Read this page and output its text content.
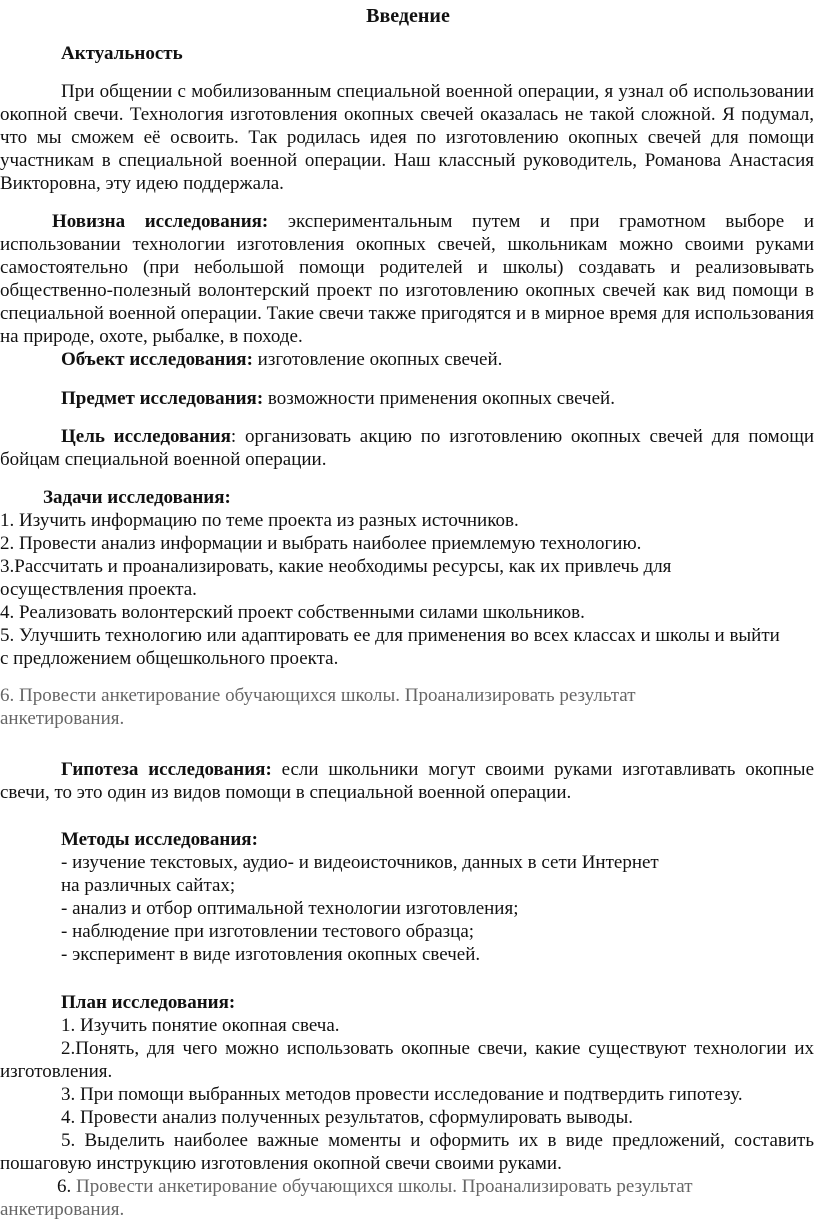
Введение

Актуальность

При общении с мобилизованным специальной военной операции, я узнал об использовании окопной свечи. Технология изготовления окопных свечей оказалась не такой сложной. Я подумал, что мы сможем её освоить. Так родилась идея по изготовлению окопных свечей для помощи участникам в специальной военной операции. Наш классный руководитель, Романова Анастасия Викторовна, эту идею поддержала.

Новизна исследования: экспериментальным путем и при грамотном выборе и использовании технологии изготовления окопных свечей, школьникам можно своими руками самостоятельно (при небольшой помощи родителей и школы) создавать и реализовывать общественно-полезный волонтерский проект по изготовлению окопных свечей как вид помощи в специальной военной операции. Такие свечи также пригодятся и в мирное время для использования на природе, охоте, рыбалке, в походе.

Объект исследования: изготовление окопных свечей.

Предмет исследования: возможности применения окопных свечей.

Цель исследования: организовать акцию по изготовлению окопных свечей для помощи бойцам специальной военной операции.

Задачи исследования:

1. Изучить информацию по теме проекта из разных источников.

2. Провести анализ информации и выбрать наиболее приемлемую технологию.

3.Рассчитать и проанализировать, какие необходимы ресурсы, как их привлечь для осуществления проекта.

4. Реализовать волонтерский проект собственными силами школьников.

5. Улучшить технологию или адаптировать ее для применения во всех классах и школы и выйти с предложением общешкольного проекта.

6. Провести анкетирование обучающихся школы. Проанализировать результат анкетирования.

Гипотеза исследования: если школьники могут своими руками изготавливать окопные свечи, то это один из видов помощи в специальной военной операции.

Методы исследования:

- изучение текстовых, аудио- и видеоисточников, данных в сети Интернет

на различных сайтах;

- анализ и отбор оптимальной технологии изготовления;

- наблюдение при изготовлении тестового образца;

- эксперимент в виде изготовления окопных свечей.

План исследования:

1. Изучить понятие окопная свеча.

2.Понять, для чего можно использовать окопные свечи, какие существуют технологии их изготовления.

3. При помощи выбранных методов провести исследование и подтвердить гипотезу.

4. Провести анализ полученных результатов, сформулировать выводы.

5. Выделить наиболее важные моменты и оформить их в виде предложений, составить пошаговую инструкцию изготовления окопной свечи своими руками.

6. Провести анкетирование обучающихся школы. Проанализировать результат анкетирования.
